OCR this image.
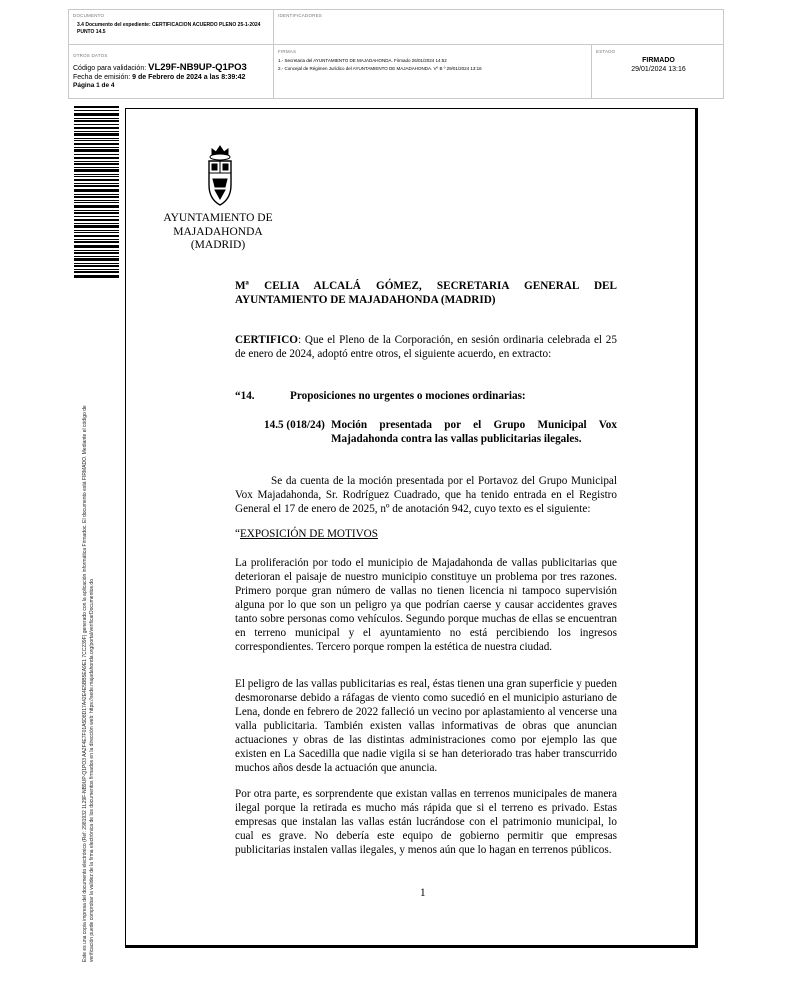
DOCUMENTO
3.4 Documento del expediente: CERTIFICACION ACUERDO PLENO 25-1-2024 PUNTO 14.5
IDENTIFICADORES
OTROS DATOS
Código para validación: VL29F-NB9UP-Q1PO3
Fecha de emisión: 9 de Febrero de 2024 a las 8:39:42
Página 1 de 4
FIRMAS
1.- Secretaria del AYUNTAMIENTO DE MAJADAHONDA. Firmado 26/01/2024 14:52
2.- Concejal de Régimen Jurídico del AYUNTAMIENTO DE MAJADAHONDA. Vº B º 29/01/2024 13:16
ESTADO
FIRMADO
29/01/2024 13:16
Este es una copia impresa del documento electrónico (Ref: 2981932 1L29F-NB9UP-Q1PO3 AA2F4E7F01A5D8D17A42E4E5BB5EA9E1 7CC239F) generado con la aplicación informática Firmadoc. El documento está FIRMADO. Mediante el código de verificación puede comprobar la validez de la firma electrónica de los documentos firmados en la dirección web: https://sede.majadahonda.org/portal/verificarDocumentos.do
AYUNTAMIENTO DE
MAJADAHONDA
(MADRID)
Mª CELIA ALCALÁ GÓMEZ, SECRETARIA GENERAL DEL
AYUNTAMIENTO DE MAJADAHONDA (MADRID)
CERTIFICO: Que el Pleno de la Corporación, en sesión ordinaria celebrada el 25 de enero de 2024, adoptó entre otros, el siguiente acuerdo, en extracto:
“14.	Proposiciones no urgentes o mociones ordinarias:
14.5 (018/24) Moción presentada por el Grupo Municipal Vox Majadahonda contra las vallas publicitarias ilegales.
Se da cuenta de la moción presentada por el Portavoz del Grupo Municipal Vox Majadahonda, Sr. Rodríguez Cuadrado, que ha tenido entrada en el Registro General el 17 de enero de 2025, nº de anotación 942, cuyo texto es el siguiente:
“EXPOSICIÓN DE MOTIVOS
La proliferación por todo el municipio de Majadahonda de vallas publicitarias que deterioran el paisaje de nuestro municipio constituye un problema por tres razones. Primero porque gran número de vallas no tienen licencia ni tampoco supervisión alguna por lo que son un peligro ya que podrían caerse y causar accidentes graves tanto sobre personas como vehículos. Segundo porque muchas de ellas se encuentran en terreno municipal y el ayuntamiento no está percibiendo los ingresos correspondientes. Tercero porque rompen la estética de nuestra ciudad.
El peligro de las vallas publicitarias es real, éstas tienen una gran superficie y pueden desmoronarse debido a ráfagas de viento como sucedió en el municipio asturiano de Lena, donde en febrero de 2022 falleció un vecino por aplastamiento al vencerse una valla publicitaria. También existen vallas informativas de obras que anuncian actuaciones y obras de las distintas administraciones como por ejemplo las que existen en La Sacedilla que nadie vigila si se han deteriorado tras haber transcurrido muchos años desde la actuación que anuncia.
Por otra parte, es sorprendente que existan vallas en terrenos municipales de manera ilegal porque la retirada es mucho más rápida que si el terreno es privado. Estas empresas que instalan las vallas están lucrándose con el patrimonio municipal, lo cual es grave. No debería este equipo de gobierno permitir que empresas publicitarias instalen vallas ilegales, y menos aún que lo hagan en terrenos públicos.
1
